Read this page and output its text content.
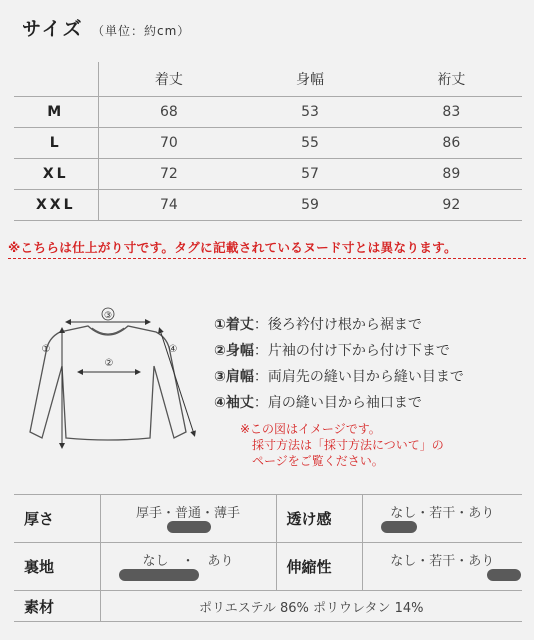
サイズ （単位：約cm）
	着丈	身幅	裄丈
M	68	53	83
L	70	55	86
XL	72	57	89
XXL	74	59	92
※こちらは仕上がり寸です。タグに記載されているヌード寸とは異なります。
③
①
②
④
①着丈：後ろ衿付け根から裾まで
②身幅：片袖の付け下から付け下まで
③肩幅：両肩先の縫い目から縫い目まで
④袖丈：肩の縫い目から袖口まで
※この図はイメージです。
採寸方法は「採寸方法について」の
ページをご覧ください。
厚さ	厚手・普通・薄手	透け感	なし・若干・あり

裏地	なし　・　あり	伸縮性	なし・若干・あり

素材	ポリエステル 86% ポリウレタン 14%		
